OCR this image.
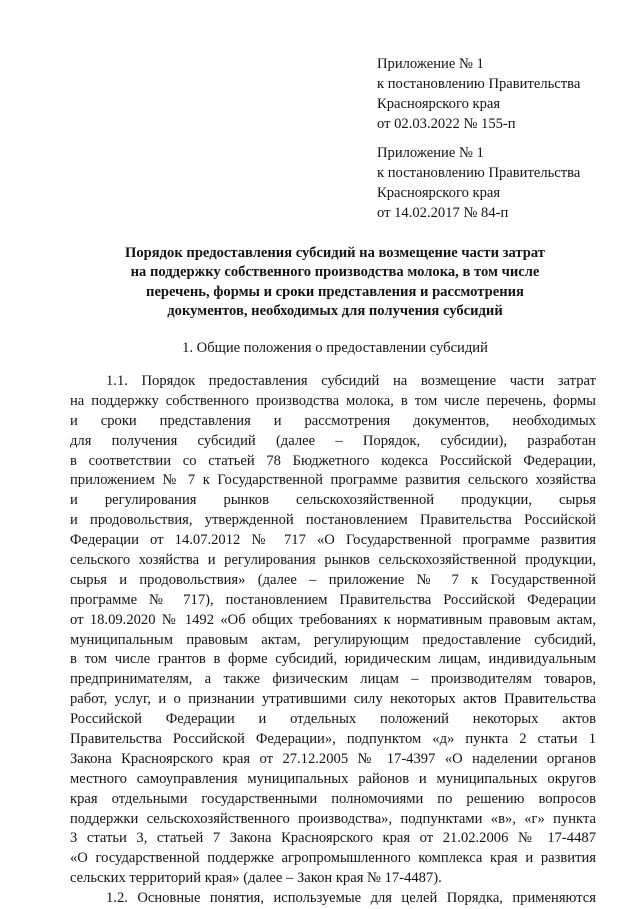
Приложение № 1
к постановлению Правительства
Красноярского края
от 02.03.2022 № 155-п
Приложение № 1
к постановлению Правительства
Красноярского края
от 14.02.2017 № 84-п
Порядок предоставления субсидий на возмещение части затрат
на поддержку собственного производства молока, в том числе
перечень, формы и сроки представления и рассмотрения
документов, необходимых для получения субсидий
1. Общие положения о предоставлении субсидий
1.1. Порядок предоставления субсидий на возмещение части затрат
на поддержку собственного производства молока, в том числе перечень, формы
и сроки представления и рассмотрения документов, необходимых
для получения субсидий (далее – Порядок, субсидии), разработан
в соответствии со статьей 78 Бюджетного кодекса Российской Федерации,
приложением № 7 к Государственной программе развития сельского хозяйства
и регулирования рынков сельскохозяйственной продукции, сырья
и продовольствия, утвержденной постановлением Правительства Российской
Федерации от 14.07.2012 № 717 «О Государственной программе развития
сельского хозяйства и регулирования рынков сельскохозяйственной продукции,
сырья и продовольствия» (далее – приложение № 7 к Государственной
программе № 717), постановлением Правительства Российской Федерации
от 18.09.2020 № 1492 «Об общих требованиях к нормативным правовым актам,
муниципальным правовым актам, регулирующим предоставление субсидий,
в том числе грантов в форме субсидий, юридическим лицам, индивидуальным
предпринимателям, а также физическим лицам – производителям товаров,
работ, услуг, и о признании утратившими силу некоторых актов Правительства
Российской Федерации и отдельных положений некоторых актов
Правительства Российской Федерации», подпунктом «д» пункта 2 статьи 1
Закона Красноярского края от 27.12.2005 № 17-4397 «О наделении органов
местного самоуправления муниципальных районов и муниципальных округов
края отдельными государственными полномочиями по решению вопросов
поддержки сельскохозяйственного производства», подпунктами «в», «г» пункта
3 статьи 3, статьей 7 Закона Красноярского края от 21.02.2006 № 17-4487
«О государственной поддержке агропромышленного комплекса края и развития
сельских территорий края» (далее – Закон края № 17-4487).
1.2. Основные понятия, используемые для целей Порядка, применяются
